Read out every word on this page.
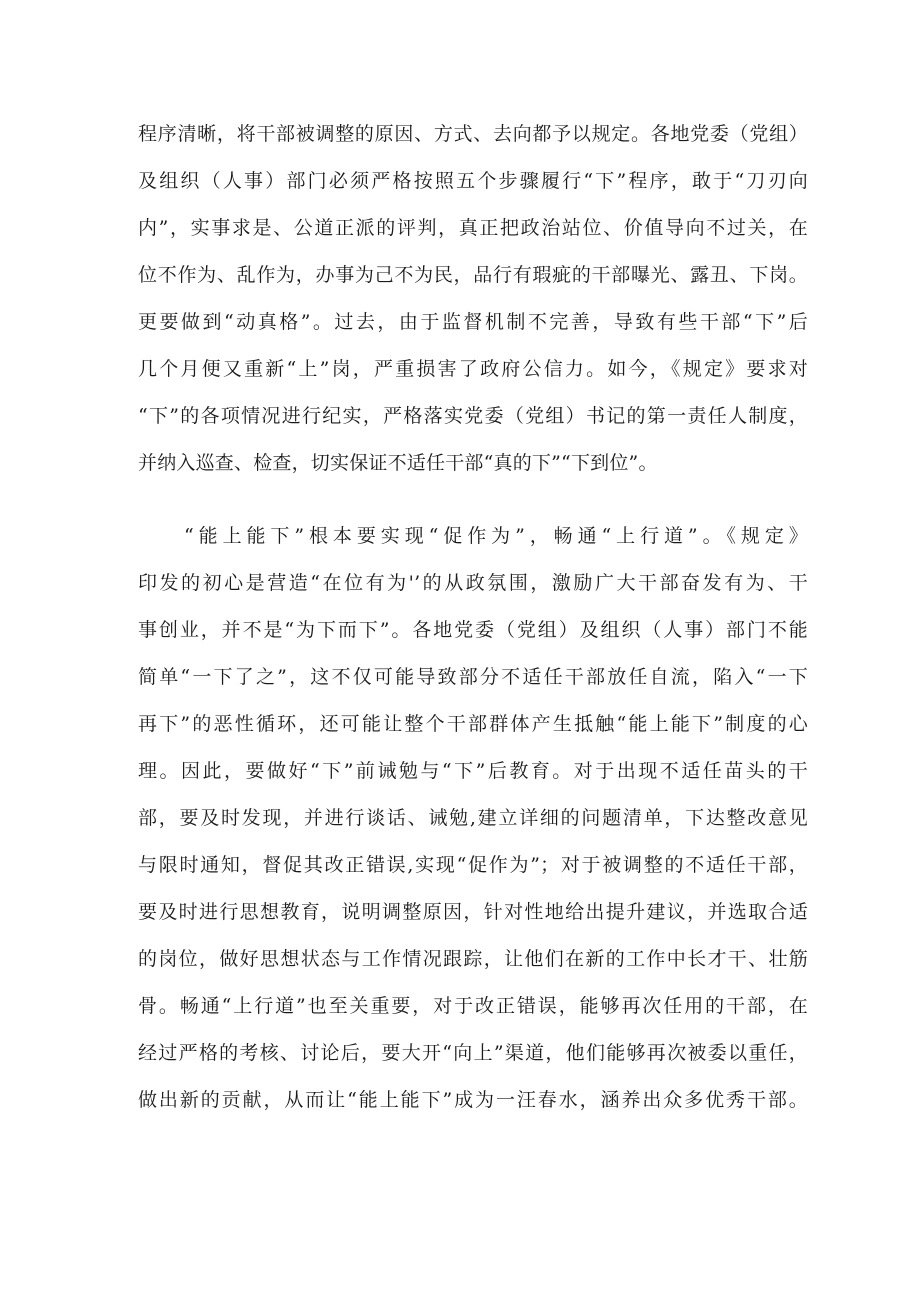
程序清晰，将干部被调整的原因、方式、去向都予以规定。各地党委（党组）
及组织（人事）部门必须严格按照五个步骤履行“下”程序，敢于“刀刃向
内”，实事求是、公道正派的评判，真正把政治站位、价值导向不过关，在
位不作为、乱作为，办事为己不为民，品行有瑕疵的干部曝光、露丑、下岗。
更要做到“动真格”。过去，由于监督机制不完善，导致有些干部“下”后
几个月便又重新“上”岗，严重损害了政府公信力。如今，《规定》要求对
“下”的各项情况进行纪实，严格落实党委（党组）书记的第一责任人制度，
并纳入巡查、检查，切实保证不适任干部“真的下”“下到位”。
“能上能下”根本要实现“促作为”，畅通“上行道”。《规定》
印发的初心是营造“在位有为'’的从政氛围，激励广大干部奋发有为、干
事创业，并不是“为下而下”。各地党委（党组）及组织（人事）部门不能
简单“一下了之”，这不仅可能导致部分不适任干部放任自流，陷入“一下
再下”的恶性循环，还可能让整个干部群体产生抵触“能上能下”制度的心
理。因此，要做好“下”前诫勉与“下”后教育。对于出现不适任苗头的干
部，要及时发现，并进行谈话、诫勉,建立详细的问题清单，下达整改意见
与限时通知，督促其改正错误,实现“促作为”；对于被调整的不适任干部，
要及时进行思想教育，说明调整原因，针对性地给出提升建议，并选取合适
的岗位，做好思想状态与工作情况跟踪，让他们在新的工作中长才干、壮筋
骨。畅通“上行道”也至关重要，对于改正错误，能够再次任用的干部，在
经过严格的考核、讨论后，要大开“向上”渠道，他们能够再次被委以重任，
做出新的贡献，从而让“能上能下”成为一汪春水，涵养出众多优秀干部。
